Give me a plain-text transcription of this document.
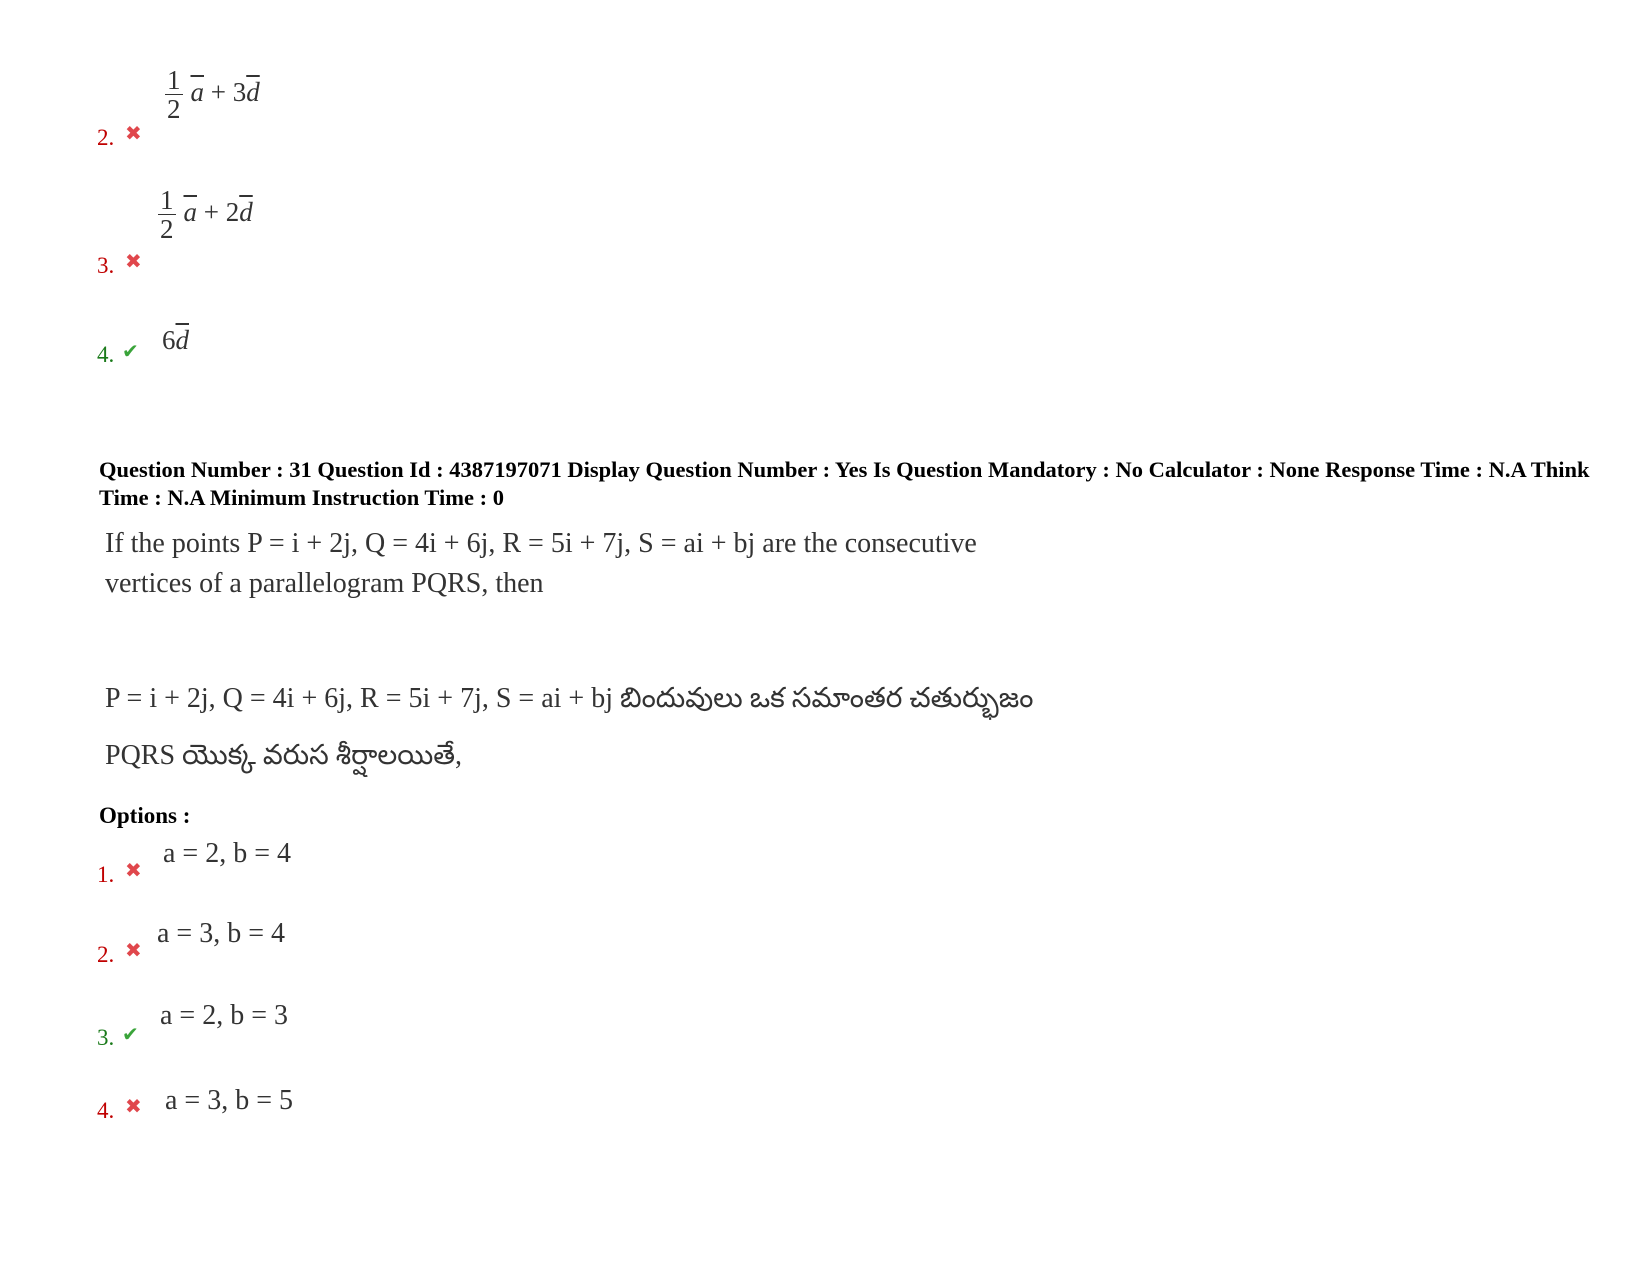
2. ✖
$\frac{1}{2} \overline{a} + 3\overline{d}$
3. ✖
$\frac{1}{2} \overline{a} + 2\overline{d}$
4. ✔ $6\overline{d}$
Question Number : 31 Question Id : 4387197071 Display Question Number : Yes Is Question Mandatory : No Calculator : None Response Time : N.A Think Time : N.A Minimum Instruction Time : 0
If the points P = i + 2j, Q = 4i + 6j, R = 5i + 7j, S = ai + bj are the consecutive
vertices of a parallelogram PQRS, then
P = i + 2j, Q = 4i + 6j, R = 5i + 7j, S = ai + bj బిందువులు ఒక సమాంతర చతుర్భుజం
PQRS యొక్క వరుస శీర్షాలయితే,
Options :
1. ✖
a = 2, b = 4
2. ✖
a = 3, b = 4
3. ✔
a = 2, b = 3
4. ✖ a = 3, b = 5
